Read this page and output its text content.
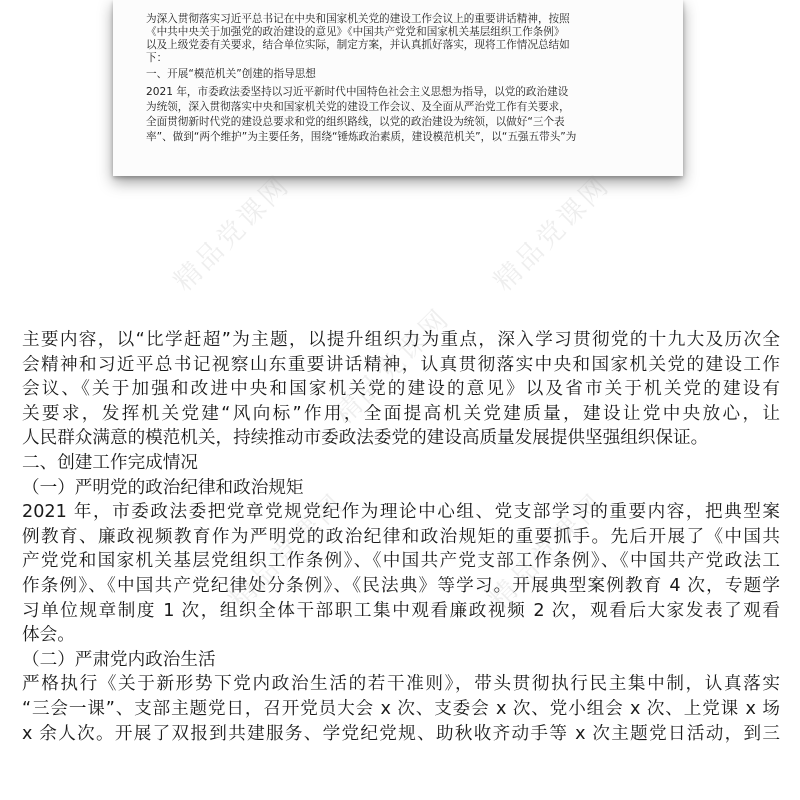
为深入贯彻落实习近平总书记在中央和国家机关党的建设工作会议上的重要讲话精神，按照
《中共中央关于加强党的政治建设的意见》《中国共产党党和国家机关基层组织工作条例》
以及上级党委有关要求，结合单位实际，制定方案，并认真抓好落实，现将工作情况总结如
下：
一、开展“模范机关”创建的指导思想
2021 年，市委政法委坚持以习近平新时代中国特色社会主义思想为指导，以党的政治建设
为统领，深入贯彻落实中央和国家机关党的建设工作会议、及全面从严治党工作有关要求，
全面贯彻新时代党的建设总要求和党的组织路线，以党的政治建设为统领，以做好“三个表
率”、做到“两个维护”为主要任务，围绕“锤炼政治素质，建设模范机关”，以“五强五带头”为
精品党课网	精品党课网
精品党课网
精品党课网	精品党课网
主要内容，以“比学赶超”为主题，以提升组织力为重点，深入学习贯彻党的十九大及历次全
会精神和习近平总书记视察山东重要讲话精神，认真贯彻落实中央和国家机关党的建设工作
会议、《关于加强和改进中央和国家机关党的建设的意见》以及省市关于机关党的建设有
关要求，发挥机关党建“风向标”作用，全面提高机关党建质量，建设让党中央放心，让
人民群众满意的模范机关，持续推动市委政法委党的建设高质量发展提供坚强组织保证。
二、创建工作完成情况
（一）严明党的政治纪律和政治规矩
2021 年，市委政法委把党章党规党纪作为理论中心组、党支部学习的重要内容，把典型案
例教育、廉政视频教育作为严明党的政治纪律和政治规矩的重要抓手。先后开展了《中国共
产党党和国家机关基层党组织工作条例》、《中国共产党支部工作条例》、《中国共产党政法工
作条例》、《中国共产党纪律处分条例》、《民法典》等学习。开展典型案例教育 4 次，专题学
习单位规章制度 1 次，组织全体干部职工集中观看廉政视频 2 次，观看后大家发表了观看
体会。
（二）严肃党内政治生活
严格执行《关于新形势下党内政治生活的若干准则》，带头贯彻执行民主集中制，认真落实
“三会一课”、支部主题党日，召开党员大会 x 次、支委会 x 次、党小组会 x 次、上党课 x 场
x 余人次。开展了双报到共建服务、学党纪党规、助秋收齐动手等 x 次主题党日活动，到三
